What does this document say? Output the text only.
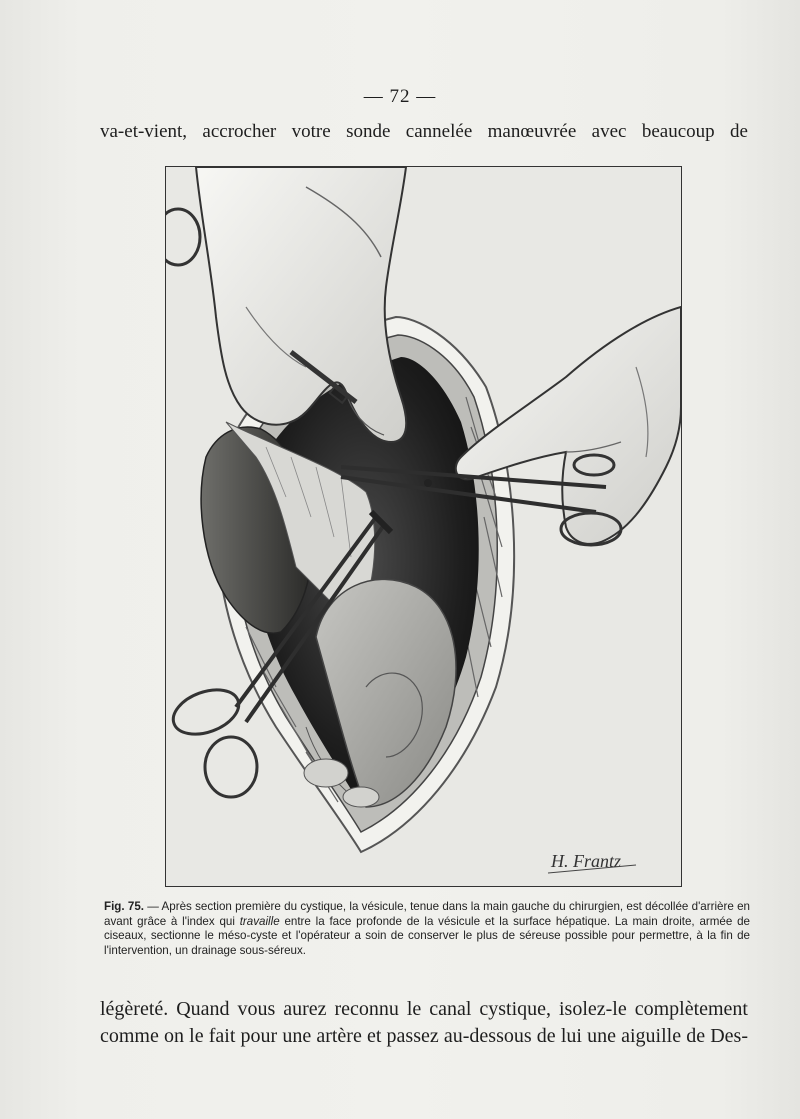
— 72 —
va-et-vient, accrocher votre sonde cannelée manœuvrée avec beaucoup de
H. Frantz

Fig. 75. — Après section première du cystique, la vésicule, tenue dans la main gauche du chirurgien, est décollée d'arrière en avant grâce à l'index qui travaille entre la face profonde de la vésicule et la surface hépatique. La main droite, armée de ciseaux, sectionne le méso-cyste et l'opérateur a soin de conserver le plus de séreuse possible pour permettre, à la fin de l'intervention, un drainage sous-séreux.

légèreté. Quand vous aurez reconnu le canal cystique, isolez-le complètement
comme on le fait pour une artère et passez au-dessous de lui une aiguille de Des-
